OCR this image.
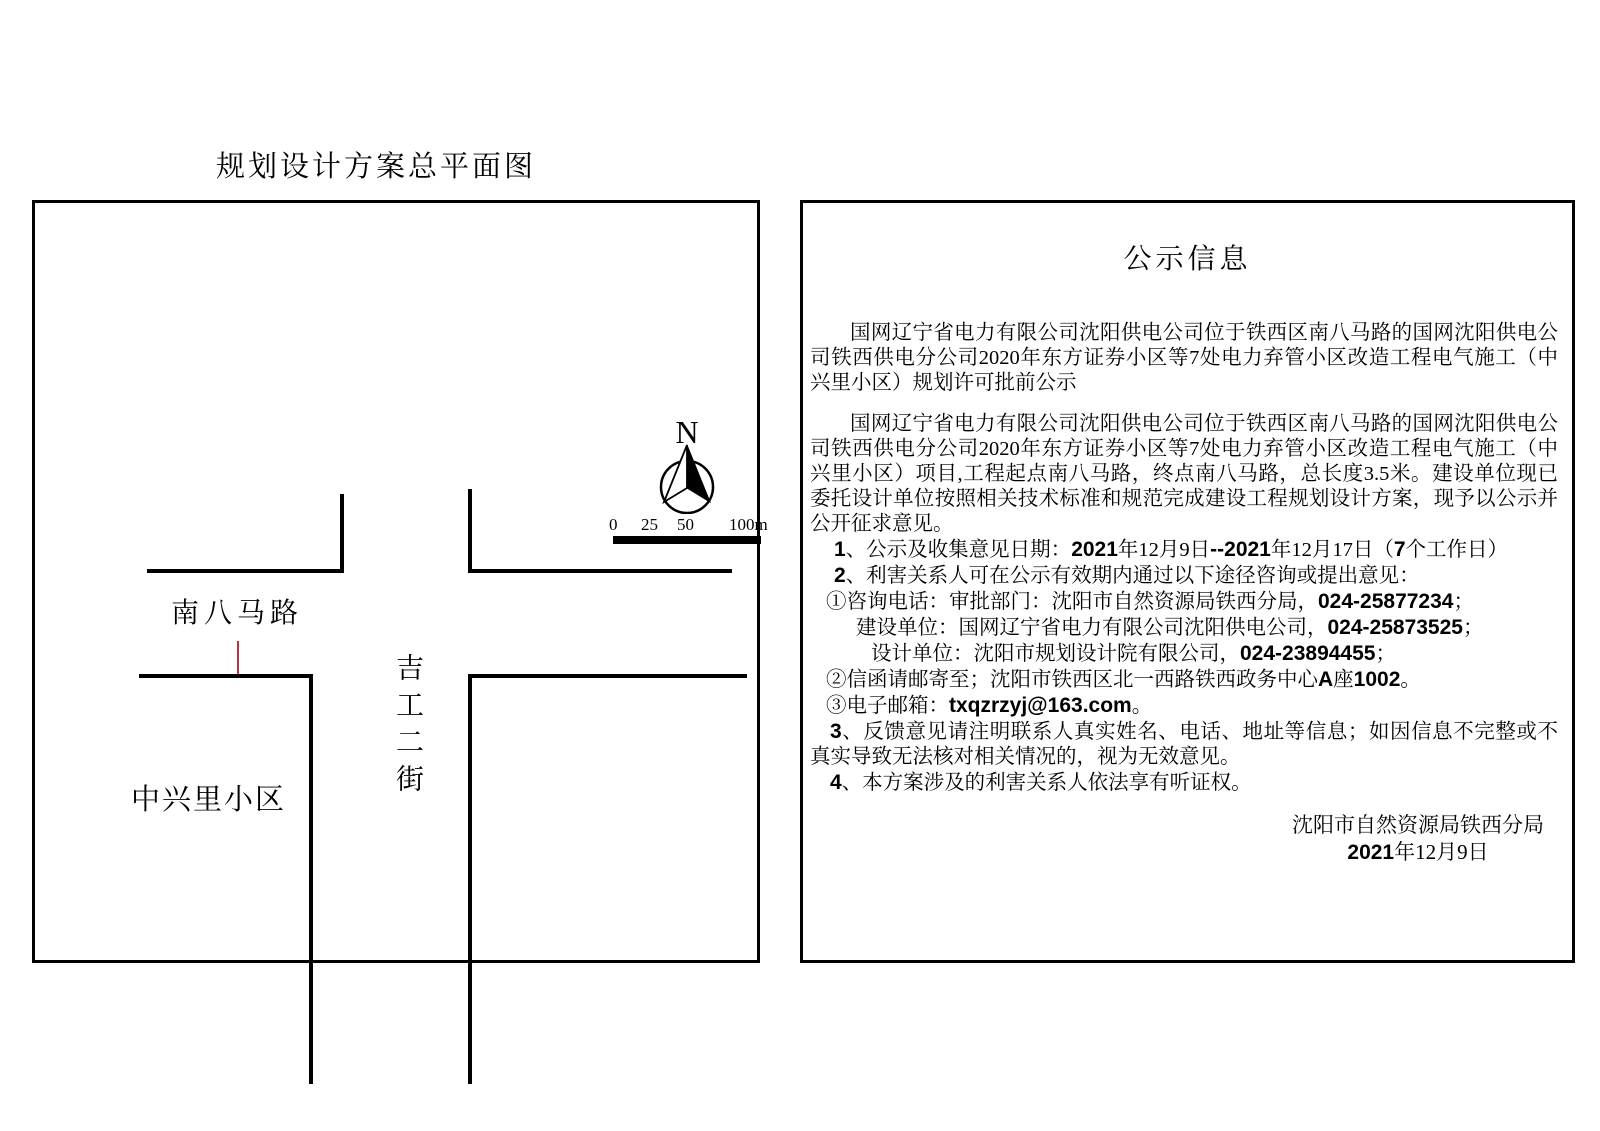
规划设计方案总平面图
南八马路
吉工二街
中兴里小区
N
0 25 50 100m
公示信息

国网辽宁省电力有限公司沈阳供电公司位于铁西区南八马路的国网沈阳供电公司铁西供电分公司2020年东方证券小区等7处电力弃管小区改造工程电气施工（中兴里小区）规划许可批前公示

国网辽宁省电力有限公司沈阳供电公司位于铁西区南八马路的国网沈阳供电公司铁西供电分公司2020年东方证券小区等7处电力弃管小区改造工程电气施工（中兴里小区）项目,工程起点南八马路，终点南八马路，总长度3.5米。建设单位现已委托设计单位按照相关技术标准和规范完成建设工程规划设计方案，现予以公示并公开征求意见。

1、公示及收集意见日期：2021年12月9日--2021年12月17日（7个工作日）

2、利害关系人可在公示有效期内通过以下途径咨询或提出意见：

①咨询电话：审批部门：沈阳市自然资源局铁西分局，024-25877234；

建设单位：国网辽宁省电力有限公司沈阳供电公司，024-25873525；

设计单位：沈阳市规划设计院有限公司，024-23894455；

②信函请邮寄至；沈阳市铁西区北一西路铁西政务中心A座1002。

③电子邮箱：txqzrzyj@163.com。

3、反馈意见请注明联系人真实姓名、电话、地址等信息；如因信息不完整或不真实导致无法核对相关情况的，视为无效意见。

4、本方案涉及的利害关系人依法享有听证权。

沈阳市自然资源局铁西分局
2021年12月9日
